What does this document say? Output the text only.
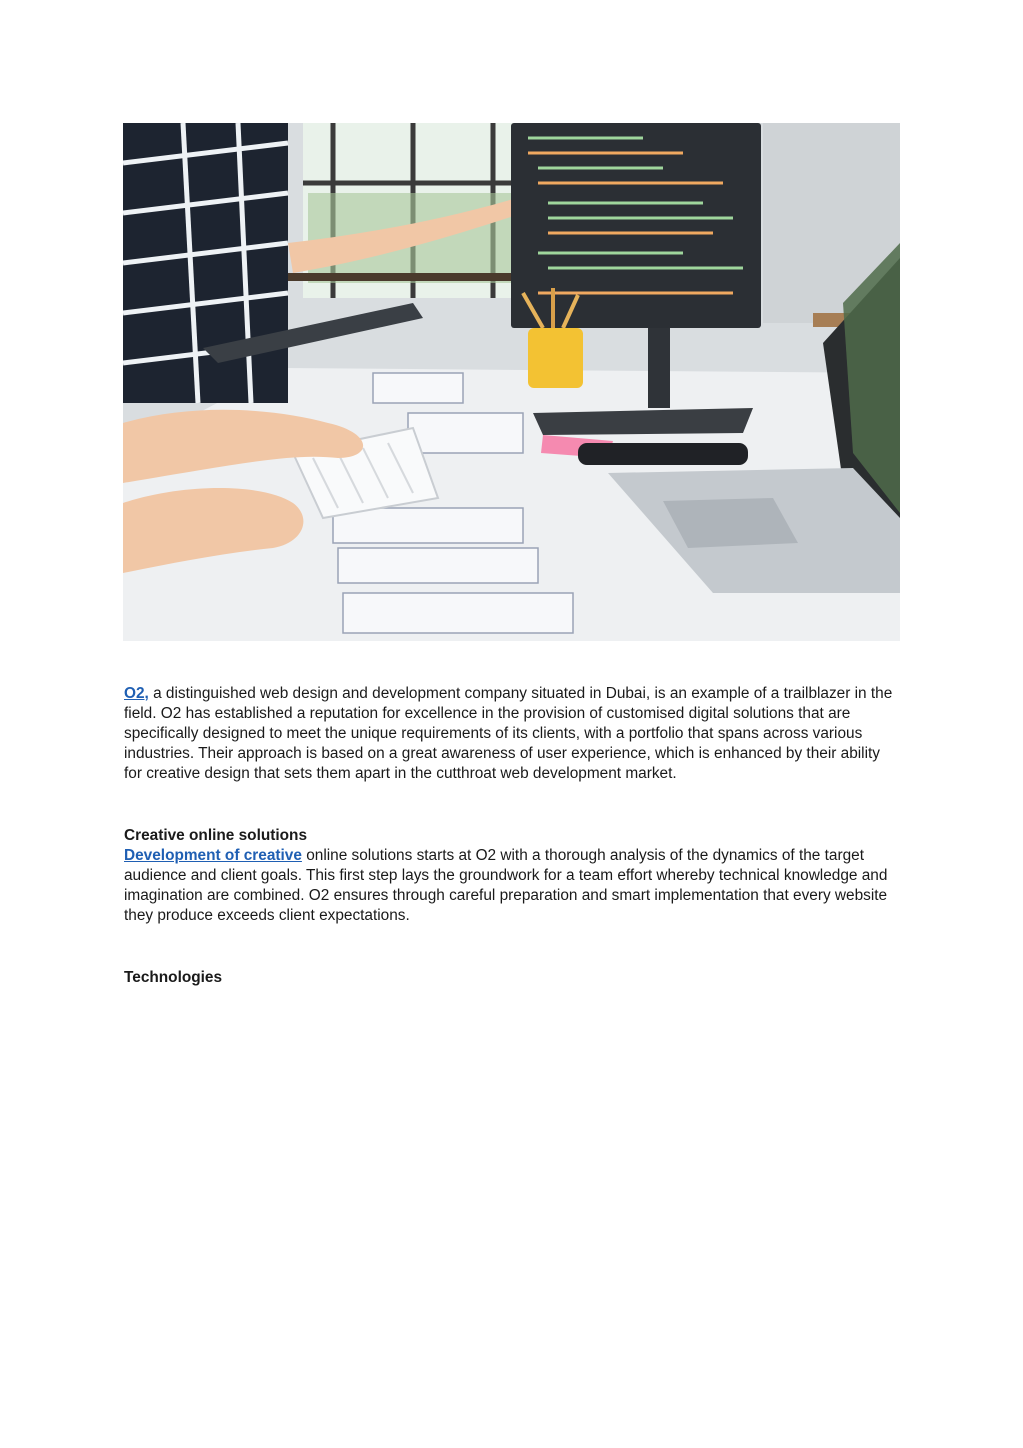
O2, a distinguished web design and development company situated in Dubai, is an example of a trailblazer in the field. O2 has established a reputation for excellence in the provision of customised digital solutions that are specifically designed to meet the unique requirements of its clients, with a portfolio that spans across various industries. Their approach is based on a great awareness of user experience, which is enhanced by their ability for creative design that sets them apart in the cutthroat web development market.

Creative online solutions

Development of creative online solutions starts at O2 with a thorough analysis of the dynamics of the target audience and client goals. This first step lays the groundwork for a team effort whereby technical knowledge and imagination are combined. O2 ensures through careful preparation and smart implementation that every website they produce exceeds client expectations.

Technologies
